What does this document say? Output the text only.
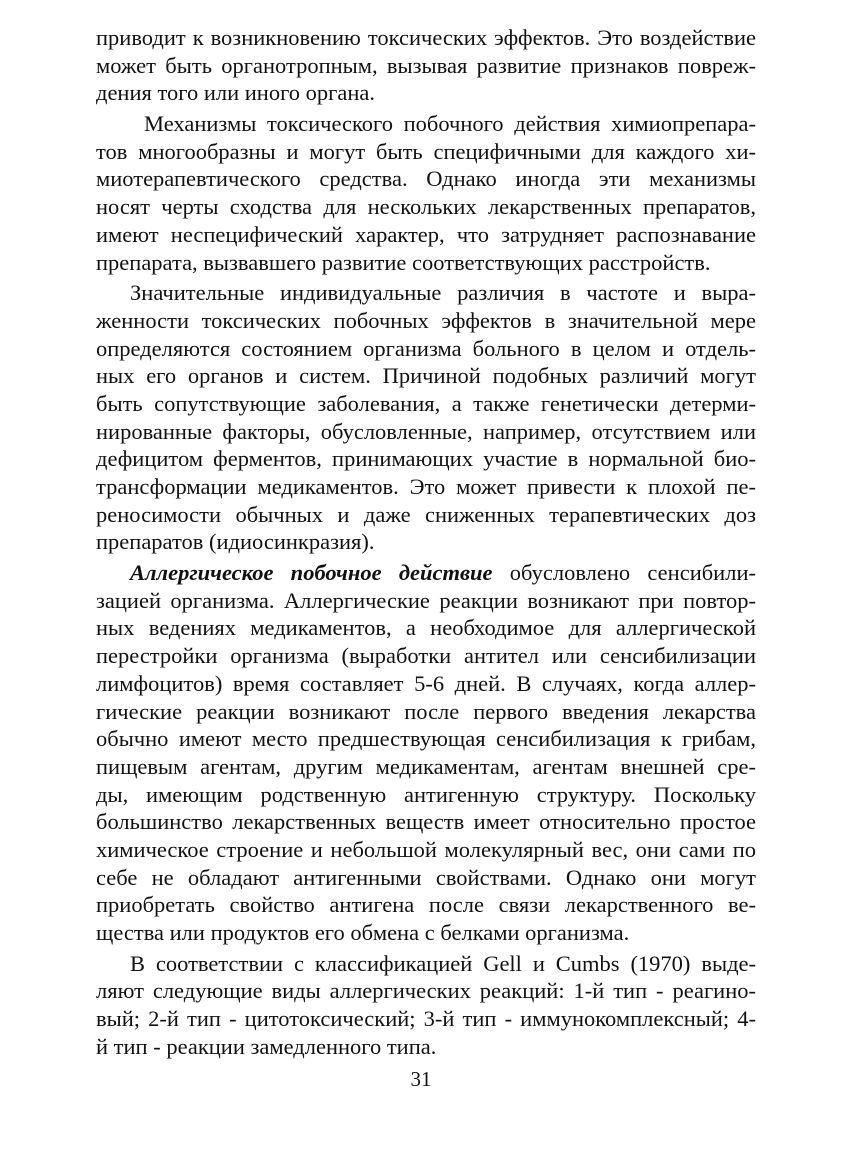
приводит к возникновению токсических эффектов. Это воздействие
может быть органотропным, вызывая развитие признаков повреж-
дения того или иного органа.
Механизмы токсического побочного действия химиопрепара-
тов многообразны и могут быть специфичными для каждого хи-
миотерапевтического средства. Однако иногда эти механизмы
носят черты сходства для нескольких лекарственных препаратов,
имеют неспецифический характер, что затрудняет распознавание
препарата, вызвавшего развитие соответствующих расстройств.
Значительные индивидуальные различия в частоте и выра-
женности токсических побочных эффектов в значительной мере
определяются состоянием организма больного в целом и отдель-
ных его органов и систем. Причиной подобных различий могут
быть сопутствующие заболевания, а также генетически детерми-
нированные факторы, обусловленные, например, отсутствием или
дефицитом ферментов, принимающих участие в нормальной био-
трансформации медикаментов. Это может привести к плохой пе-
реносимости обычных и даже сниженных терапевтических доз
препаратов (идиосинкразия).
Аллергическое побочное действие обусловлено сенсибили-
зацией организма. Аллергические реакции возникают при повтор-
ных ведениях медикаментов, а необходимое для аллергической
перестройки организма (выработки антител или сенсибилизации
лимфоцитов) время составляет 5-6 дней. В случаях, когда аллер-
гические реакции возникают после первого введения лекарства
обычно имеют место предшествующая сенсибилизация к грибам,
пищевым агентам, другим медикаментам, агентам внешней сре-
ды, имеющим родственную антигенную структуру. Поскольку
большинство лекарственных веществ имеет относительно простое
химическое строение и небольшой молекулярный вес, они сами по
себе не обладают антигенными свойствами. Однако они могут
приобретать свойство антигена после связи лекарственного ве-
щества или продуктов его обмена с белками организма.
В соответствии с классификацией Gell и Cumbs (1970) выде-
ляют следующие виды аллергических реакций: 1-й тип - реагино-
вый; 2-й тип - цитотоксический; 3-й тип - иммунокомплексный; 4-
й тип - реакции замедленного типа.
31
